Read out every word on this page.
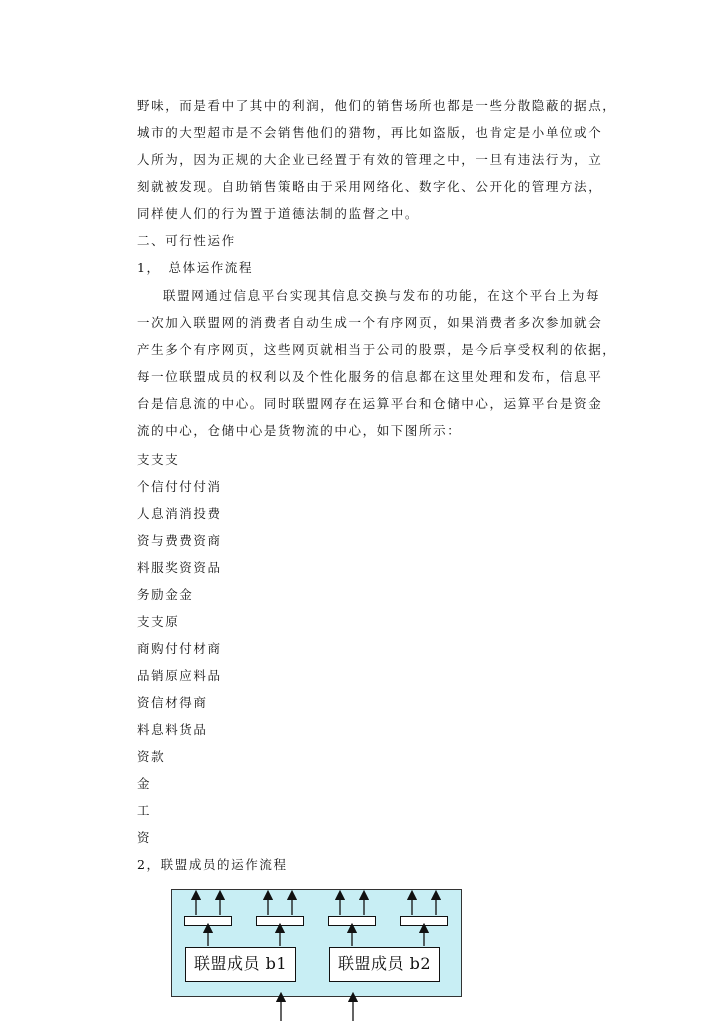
野味，而是看中了其中的利润，他们的销售场所也都是一些分散隐蔽的据点，
城市的大型超市是不会销售他们的猎物，再比如盗版，也肯定是小单位或个
人所为，因为正规的大企业已经置于有效的管理之中，一旦有违法行为，立
刻就被发现。自助销售策略由于采用网络化、数字化、公开化的管理方法，
同样使人们的行为置于道德法制的监督之中。
二、可行性运作
1，　总体运作流程
联盟网通过信息平台实现其信息交换与发布的功能，在这个平台上为每
一次加入联盟网的消费者自动生成一个有序网页，如果消费者多次参加就会
产生多个有序网页，这些网页就相当于公司的股票，是今后享受权利的依据，
每一位联盟成员的权利以及个性化服务的信息都在这里处理和发布，信息平
台是信息流的中心。同时联盟网存在运算平台和仓储中心，运算平台是资金
流的中心，仓储中心是货物流的中心，如下图所示：
支支支
个信付付付消
人息消消投费
资与费费资商
料服奖资资品
务励金金
支支原
商购付付材商
品销原应料品
资信材得商
料息料货品
资款
金
工
资
2，联盟成员的运作流程
联盟成员 b1	联盟成员 b2
